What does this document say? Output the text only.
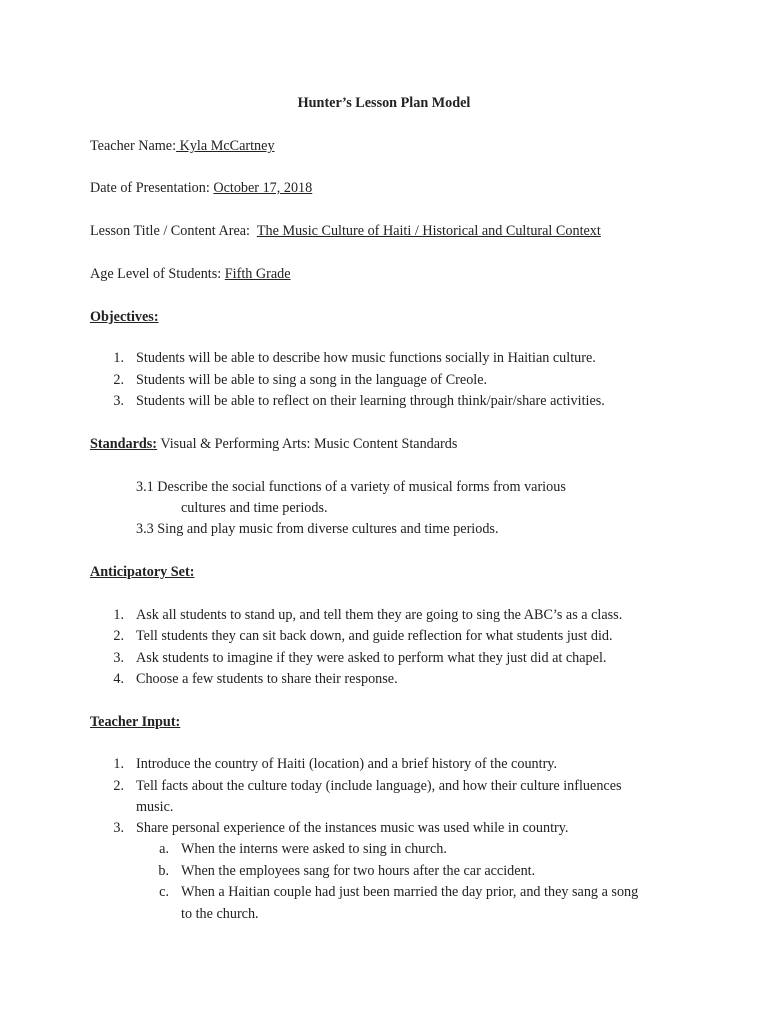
Hunter’s Lesson Plan Model
Teacher Name: Kyla McCartney
Date of Presentation: October 17, 2018
Lesson Title / Content Area: The Music Culture of Haiti / Historical and Cultural Context
Age Level of Students: Fifth Grade
Objectives:
1. Students will be able to describe how music functions socially in Haitian culture.
2. Students will be able to sing a song in the language of Creole.
3. Students will be able to reflect on their learning through think/pair/share activities.
Standards: Visual & Performing Arts: Music Content Standards
3.1 Describe the social functions of a variety of musical forms from various
cultures and time periods.
3.3 Sing and play music from diverse cultures and time periods.
Anticipatory Set:
1. Ask all students to stand up, and tell them they are going to sing the ABC’s as a class.
2. Tell students they can sit back down, and guide reflection for what students just did.
3. Ask students to imagine if they were asked to perform what they just did at chapel.
4. Choose a few students to share their response.
Teacher Input:
1. Introduce the country of Haiti (location) and a brief history of the country.
2. Tell facts about the culture today (include language), and how their culture influences
music.
3. Share personal experience of the instances music was used while in country.
a. When the interns were asked to sing in church.
b. When the employees sang for two hours after the car accident.
c. When a Haitian couple had just been married the day prior, and they sang a song
to the church.
